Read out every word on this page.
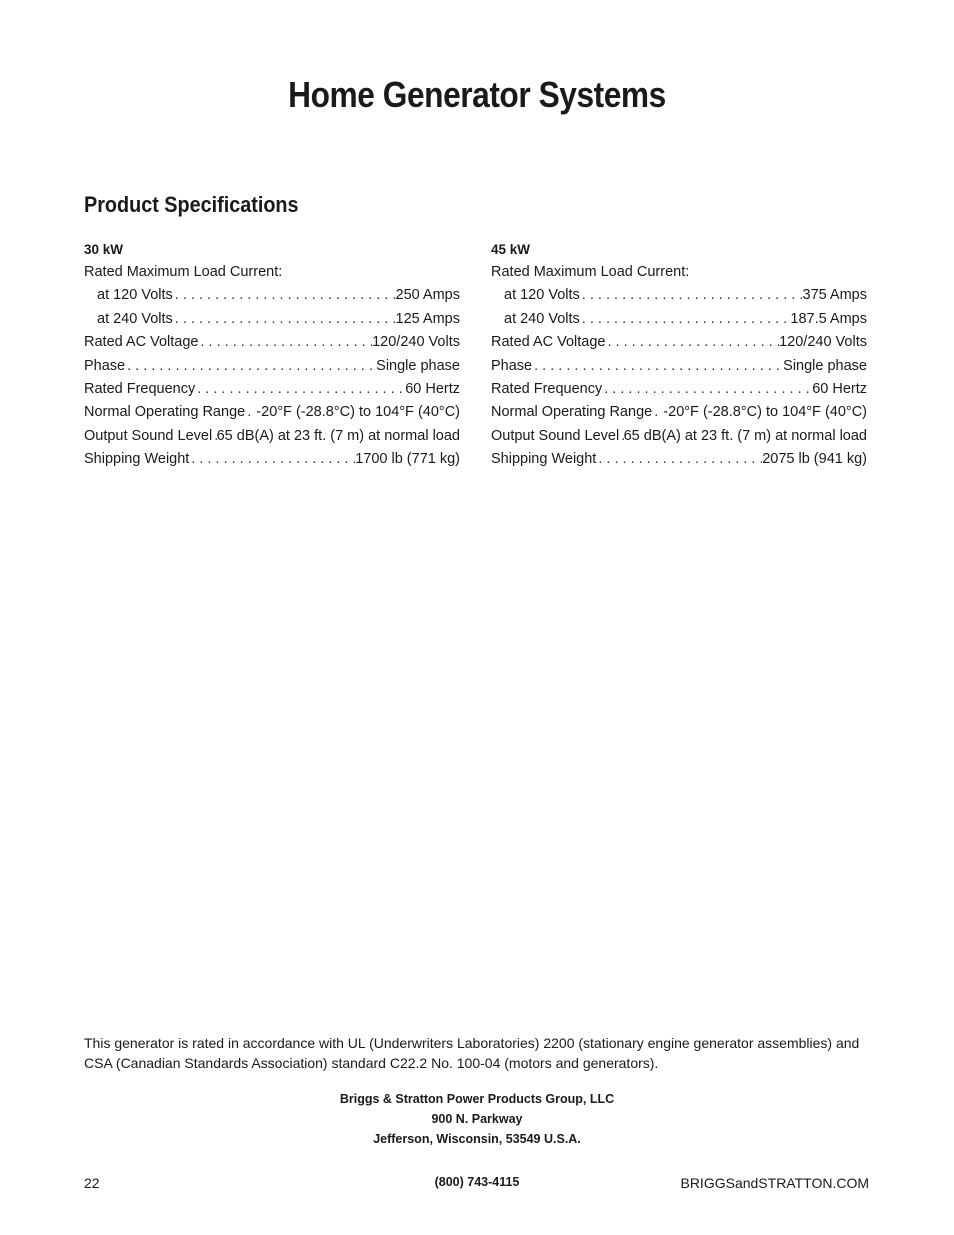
Home Generator Systems
Product Specifications
30 kW
Rated Maximum Load Current:
at 120 Volts . . .	250 Amps
at 240 Volts . . .	125 Amps
Rated AC Voltage . . .	120/240 Volts
Phase . . .	Single phase
Rated Frequency . . .	60 Hertz
Normal Operating Range . . . -20°F (-28.8°C) to 104°F (40°C)
Output Sound Level . . . 65 dB(A) at 23 ft. (7 m) at normal load
Shipping Weight . . .	1700 lb (771 kg)
45 kW
Rated Maximum Load Current:
at 120 Volts . . .	375 Amps
at 240 Volts . . .	187.5 Amps
Rated AC Voltage . . .	120/240 Volts
Phase . . .	Single phase
Rated Frequency . . .	60 Hertz
Normal Operating Range . . . -20°F (-28.8°C) to 104°F (40°C)
Output Sound Level . . . 65 dB(A) at 23 ft. (7 m) at normal load
Shipping Weight . . .	2075 lb (941 kg)
This generator is rated in accordance with UL (Underwriters Laboratories) 2200 (stationary engine generator assemblies) and CSA (Canadian Standards Association) standard C22.2 No. 100-04 (motors and generators).
Briggs & Stratton Power Products Group, LLC
900 N. Parkway
Jefferson, Wisconsin, 53549 U.S.A.
22	(800) 743-4115	BRIGGSandSTRATTON.COM
